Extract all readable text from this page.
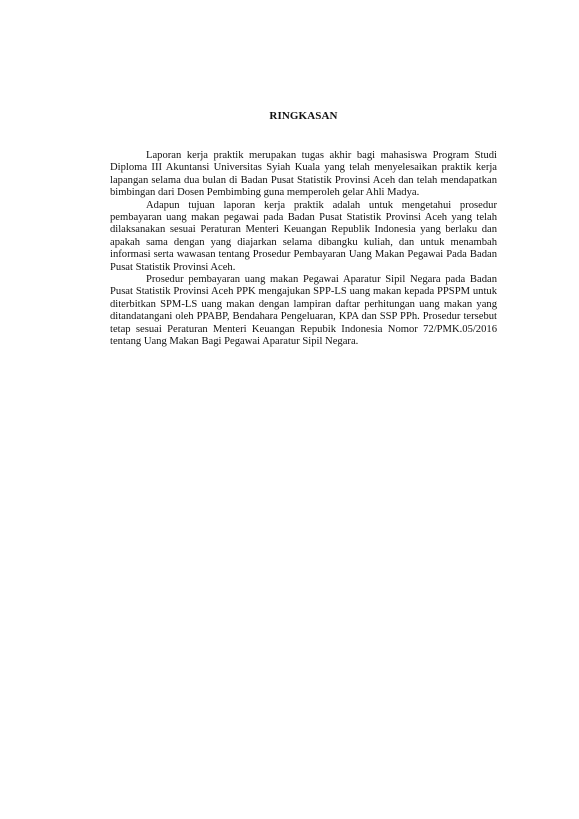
RINGKASAN

Laporan kerja praktik merupakan tugas akhir bagi mahasiswa Program Studi Diploma III Akuntansi Universitas Syiah Kuala yang telah menyelesaikan praktik kerja lapangan selama dua bulan di Badan Pusat Statistik Provinsi Aceh dan telah mendapatkan bimbingan dari Dosen Pembimbing guna memperoleh gelar Ahli Madya.

Adapun tujuan laporan kerja praktik adalah untuk mengetahui prosedur pembayaran uang makan pegawai pada Badan Pusat Statistik Provinsi Aceh yang telah dilaksanakan sesuai Peraturan Menteri Keuangan Republik Indonesia yang berlaku dan apakah sama dengan yang diajarkan selama dibangku kuliah, dan untuk menambah informasi serta wawasan tentang Prosedur Pembayaran Uang Makan Pegawai Pada Badan Pusat Statistik Provinsi Aceh.

Prosedur pembayaran uang makan Pegawai Aparatur Sipil Negara pada Badan Pusat Statistik Provinsi Aceh PPK mengajukan SPP-LS uang makan kepada PPSPM untuk diterbitkan SPM-LS uang makan dengan lampiran daftar perhitungan uang makan yang ditandatangani oleh PPABP, Bendahara Pengeluaran, KPA dan SSP PPh. Prosedur tersebut tetap sesuai Peraturan Menteri Keuangan Repubik Indonesia Nomor 72/PMK.05/2016 tentang Uang Makan Bagi Pegawai Aparatur Sipil Negara.
